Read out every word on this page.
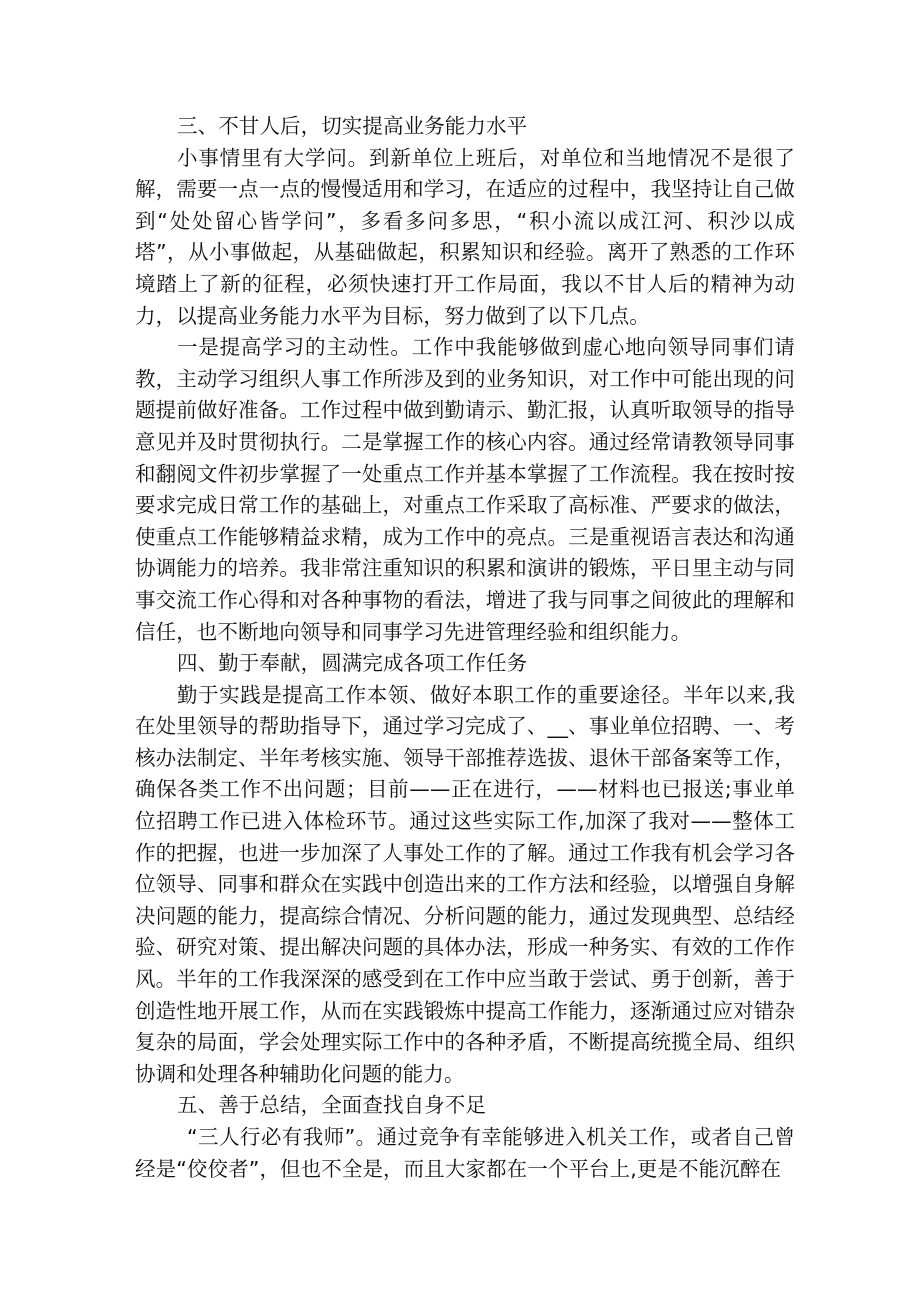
三、不甘人后，切实提高业务能力水平

小事情里有大学问。到新单位上班后，对单位和当地情况不是很了解，需要一点一点的慢慢适用和学习，在适应的过程中，我坚持让自己做到“处处留心皆学问”，多看多问多思，“积小流以成江河、积沙以成塔”，从小事做起，从基础做起，积累知识和经验。离开了熟悉的工作环境踏上了新的征程，必须快速打开工作局面，我以不甘人后的精神为动力，以提高业务能力水平为目标，努力做到了以下几点。

一是提高学习的主动性。工作中我能够做到虚心地向领导同事们请教，主动学习组织人事工作所涉及到的业务知识，对工作中可能出现的问题提前做好准备。工作过程中做到勤请示、勤汇报，认真听取领导的指导意见并及时贯彻执行。二是掌握工作的核心内容。通过经常请教领导同事和翻阅文件初步掌握了一处重点工作并基本掌握了工作流程。我在按时按要求完成日常工作的基础上，对重点工作采取了高标准、严要求的做法，使重点工作能够精益求精，成为工作中的亮点。三是重视语言表达和沟通协调能力的培养。我非常注重知识的积累和演讲的锻炼，平日里主动与同事交流工作心得和对各种事物的看法，增进了我与同事之间彼此的理解和信任，也不断地向领导和同事学习先进管理经验和组织能力。

四、勤于奉献，圆满完成各项工作任务

勤于实践是提高工作本领、做好本职工作的重要途径。半年以来,我在处里领导的帮助指导下，通过学习完成了、__、事业单位招聘、一、考核办法制定、半年考核实施、领导干部推荐选拔、退休干部备案等工作，确保各类工作不出问题；目前——正在进行，——材料也已报送;事业单位招聘工作已进入体检环节。通过这些实际工作,加深了我对——整体工作的把握，也进一步加深了人事处工作的了解。通过工作我有机会学习各位领导、同事和群众在实践中创造出来的工作方法和经验，以增强自身解决问题的能力，提高综合情况、分析问题的能力，通过发现典型、总结经验、研究对策、提出解决问题的具体办法，形成一种务实、有效的工作作风。半年的工作我深深的感受到在工作中应当敢于尝试、勇于创新，善于创造性地开展工作，从而在实践锻炼中提高工作能力，逐渐通过应对错杂复杂的局面，学会处理实际工作中的各种矛盾，不断提高统揽全局、组织协调和处理各种辅助化问题的能力。

五、善于总结，全面查找自身不足

“三人行必有我师”。通过竞争有幸能够进入机关工作，或者自己曾经是“佼佼者”，但也不全是，而且大家都在一个平台上,更是不能沉醉在
